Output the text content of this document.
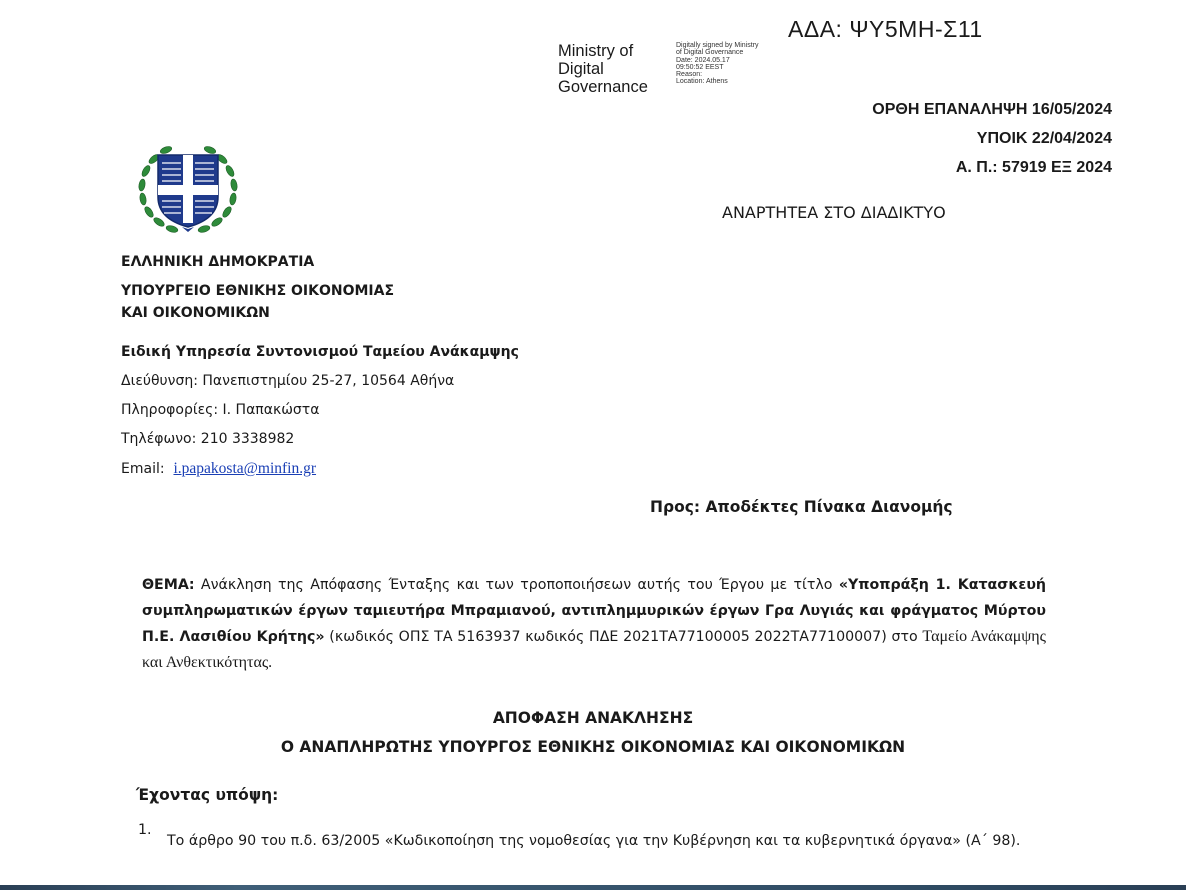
ΑΔΑ: ΨΥ5ΜΗ-Σ11
Ministry of
Digital
Governance
Digitally signed by Ministry
of Digital Governance
Date: 2024.05.17
09:50:52 EEST
Reason:
Location: Athens
ΟΡΘΗ ΕΠΑΝΑΛΗΨΗ 16/05/2024
ΥΠΟΙΚ 22/04/2024
Α. Π.: 57919 ΕΞ 2024
ΑΝΑΡΤΗΤΕΑ ΣΤΟ ΔΙΑΔΙΚΤΥΟ
ΕΛΛΗΝΙΚΗ ΔΗΜΟΚΡΑΤΙΑ
ΥΠΟΥΡΓΕΙΟ ΕΘΝΙΚΗΣ ΟΙΚΟΝΟΜΙΑΣ
ΚΑΙ ΟΙΚΟΝΟΜΙΚΩΝ
Ειδική Υπηρεσία Συντονισμού Ταμείου Ανάκαμψης
Διεύθυνση: Πανεπιστημίου 25-27, 10564 Αθήνα
Πληροφορίες: Ι. Παπακώστα
Τηλέφωνο: 210 3338982
Email: i.papakosta@minfin.gr
Προς: Αποδέκτες Πίνακα Διανομής
ΘΕΜΑ: Ανάκληση της Απόφασης Ένταξης και των τροποποιήσεων αυτής του Έργου με τίτλο «Υποπράξη 1. Κατασκευή συμπληρωματικών έργων ταμιευτήρα Μπραμιανού, αντιπλημμυρικών έργων Γρα Λυγιάς και φράγματος Μύρτου Π.Ε. Λασιθίου Κρήτης» (κωδικός ΟΠΣ ΤΑ 5163937 κωδικός ΠΔΕ 2021ΤΑ77100005 2022ΤΑ77100007) στο Ταμείο Ανάκαμψης και Ανθεκτικότητας.
ΑΠΟΦΑΣΗ ΑΝΑΚΛΗΣΗΣ
Ο ΑΝΑΠΛΗΡΩΤΗΣ ΥΠΟΥΡΓΟΣ ΕΘΝΙΚΗΣ ΟΙΚΟΝΟΜΙΑΣ ΚΑΙ ΟΙΚΟΝΟΜΙΚΩΝ
Έχοντας υπόψη:
1.
Το άρθρο 90 του π.δ. 63/2005 «Κωδικοποίηση της νομοθεσίας για την Κυβέρνηση και τα κυβερνητικά όργανα» (Α΄ 98).
